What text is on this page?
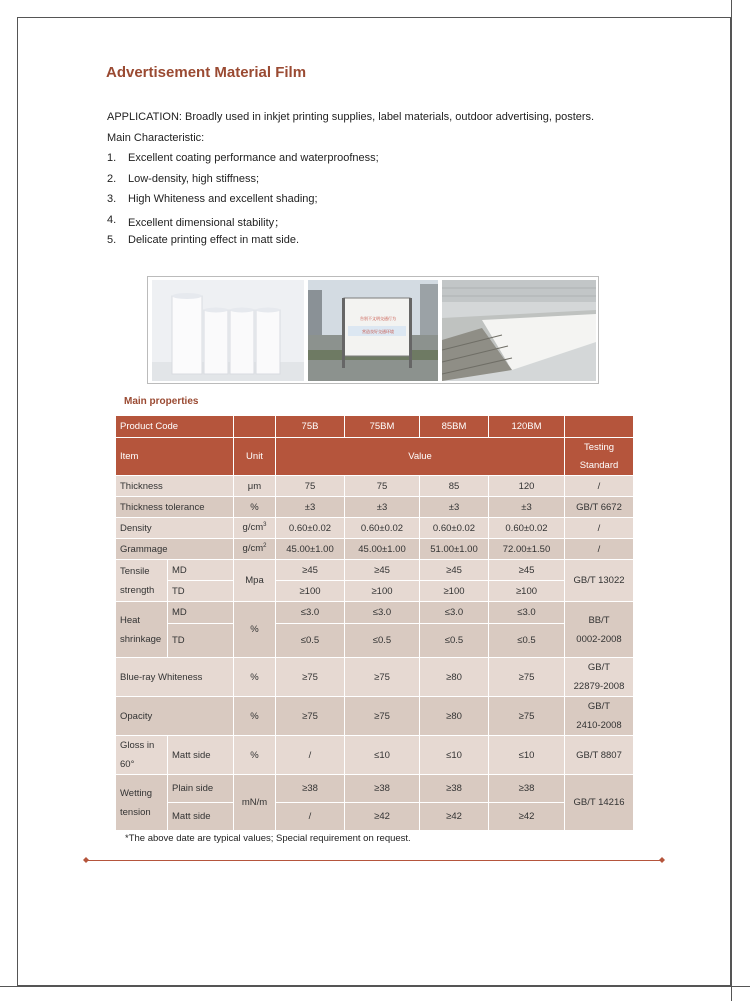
Advertisement Material Film
APPLICATION: Broadly used in inkjet printing supplies, label materials, outdoor advertising, posters.
Main Characteristic:
1. Excellent coating performance and waterproofness;
2. Low-density, high stiffness;
3. High Whiteness and excellent shading;
4. Excellent dimensional stability；
5. Delicate printing effect in matt side.
告别不文明交通行为
营造良好交通环境
Main properties
Product Code			75B	75BM	85BM	120BM	
Item		Unit	Value				Testing
Standard
Thickness		μm	75	75	85	120	/
Thickness tolerance		%	±3	±3	±3	±3	GB/T 6672
Density		$g/cm^3$	0.60±0.02	0.60±0.02	0.60±0.02	0.60±0.02	/
Grammage		$g/cm^2$	45.00±1.00	45.00±1.00	51.00±1.00	72.00±1.50	/
Tensile
strength	MD	Mpa	≥45	≥45	≥45	≥45	GB/T 13022
	TD		≥100	≥100	≥100	≥100	
Heat
shrinkage	MD	%	≤3.0	≤3.0	≤3.0	≤3.0	BB/T
0002-2008
	TD		≤0.5	≤0.5	≤0.5	≤0.5	
Blue-ray Whiteness		%	≥75	≥75	≥80	≥75	GB/T
22879-2008
Opacity		%	≥75	≥75	≥80	≥75	GB/T
2410-2008
Gloss in
60°	Matt side	%	/	≤10	≤10	≤10	GB/T 8807
Wetting
tension	Plain side	mN/m	≥38	≥38	≥38	≥38	GB/T 14216
	Matt side		/	≥42	≥42	≥42	
*The above date are typical values; Special requirement on request.
